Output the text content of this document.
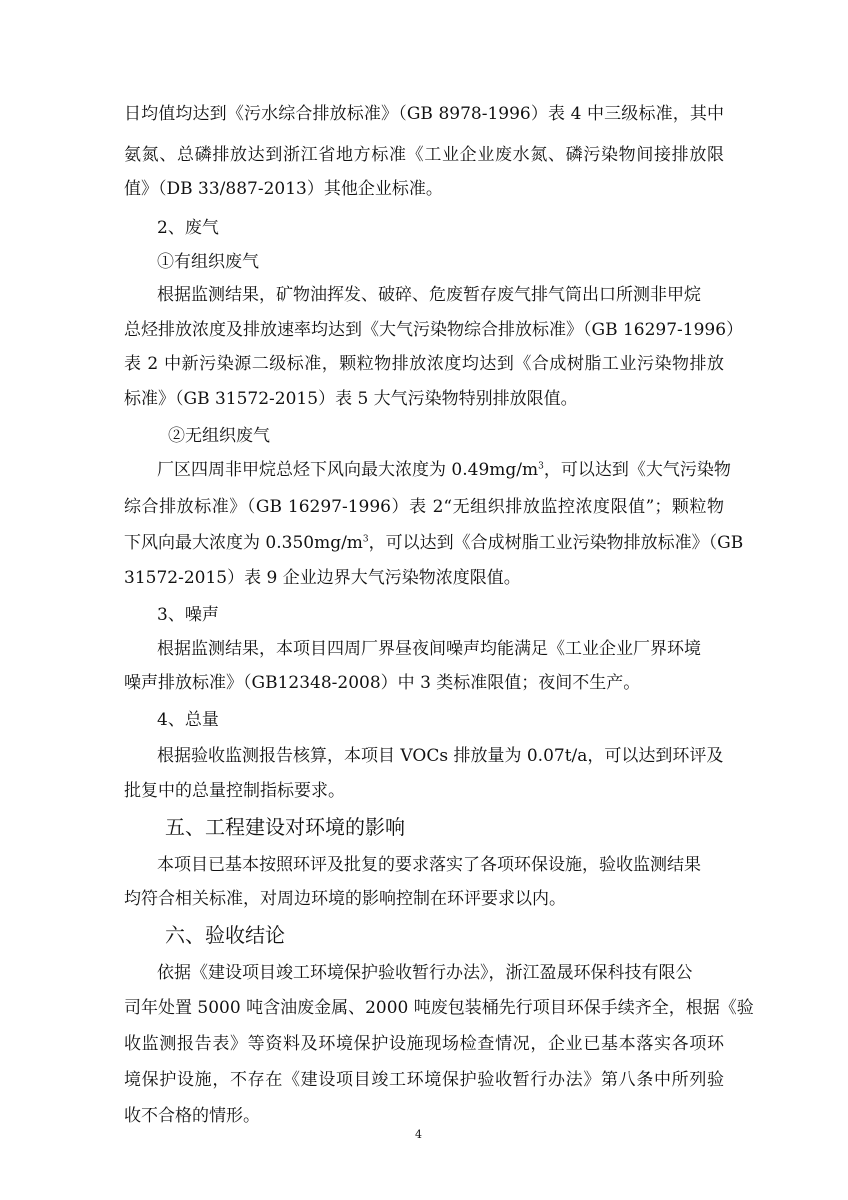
日均值均达到《污水综合排放标准》（GB 8978-1996）表 4 中三级标准，其中

氨氮、总磷排放达到浙江省地方标准《工业企业废水氮、磷污染物间接排放限

值》（DB 33/887-2013）其他企业标准。

2、废气

①有组织废气

根据监测结果，矿物油挥发、破碎、危废暂存废气排气筒出口所测非甲烷

总烃排放浓度及排放速率均达到《大气污染物综合排放标准》（GB 16297-1996）

表 2 中新污染源二级标准，颗粒物排放浓度均达到《合成树脂工业污染物排放

标准》（GB 31572-2015）表 5 大气污染物特别排放限值。

②无组织废气

厂区四周非甲烷总烃下风向最大浓度为 $0.49mg/m^3$，可以达到《大气污染物

综合排放标准》（GB 16297-1996）表 2“无组织排放监控浓度限值”；颗粒物

下风向最大浓度为 $0.350mg/m^3$，可以达到《合成树脂工业污染物排放标准》（GB

31572-2015）表 9 企业边界大气污染物浓度限值。

3、噪声

根据监测结果，本项目四周厂界昼夜间噪声均能满足《工业企业厂界环境

噪声排放标准》（GB12348-2008）中 3 类标准限值；夜间不生产。

4、总量

根据验收监测报告核算，本项目 VOCs 排放量为 0.07t/a，可以达到环评及

批复中的总量控制指标要求。

五、工程建设对环境的影响

本项目已基本按照环评及批复的要求落实了各项环保设施，验收监测结果

均符合相关标准，对周边环境的影响控制在环评要求以内。

六、验收结论

依据《建设项目竣工环境保护验收暂行办法》，浙江盈晟环保科技有限公

司年处置 5000 吨含油废金属、2000 吨废包装桶先行项目环保手续齐全，根据《验

收监测报告表》等资料及环境保护设施现场检查情况，企业已基本落实各项环

境保护设施，不存在《建设项目竣工环境保护验收暂行办法》第八条中所列验

收不合格的情形。

4
